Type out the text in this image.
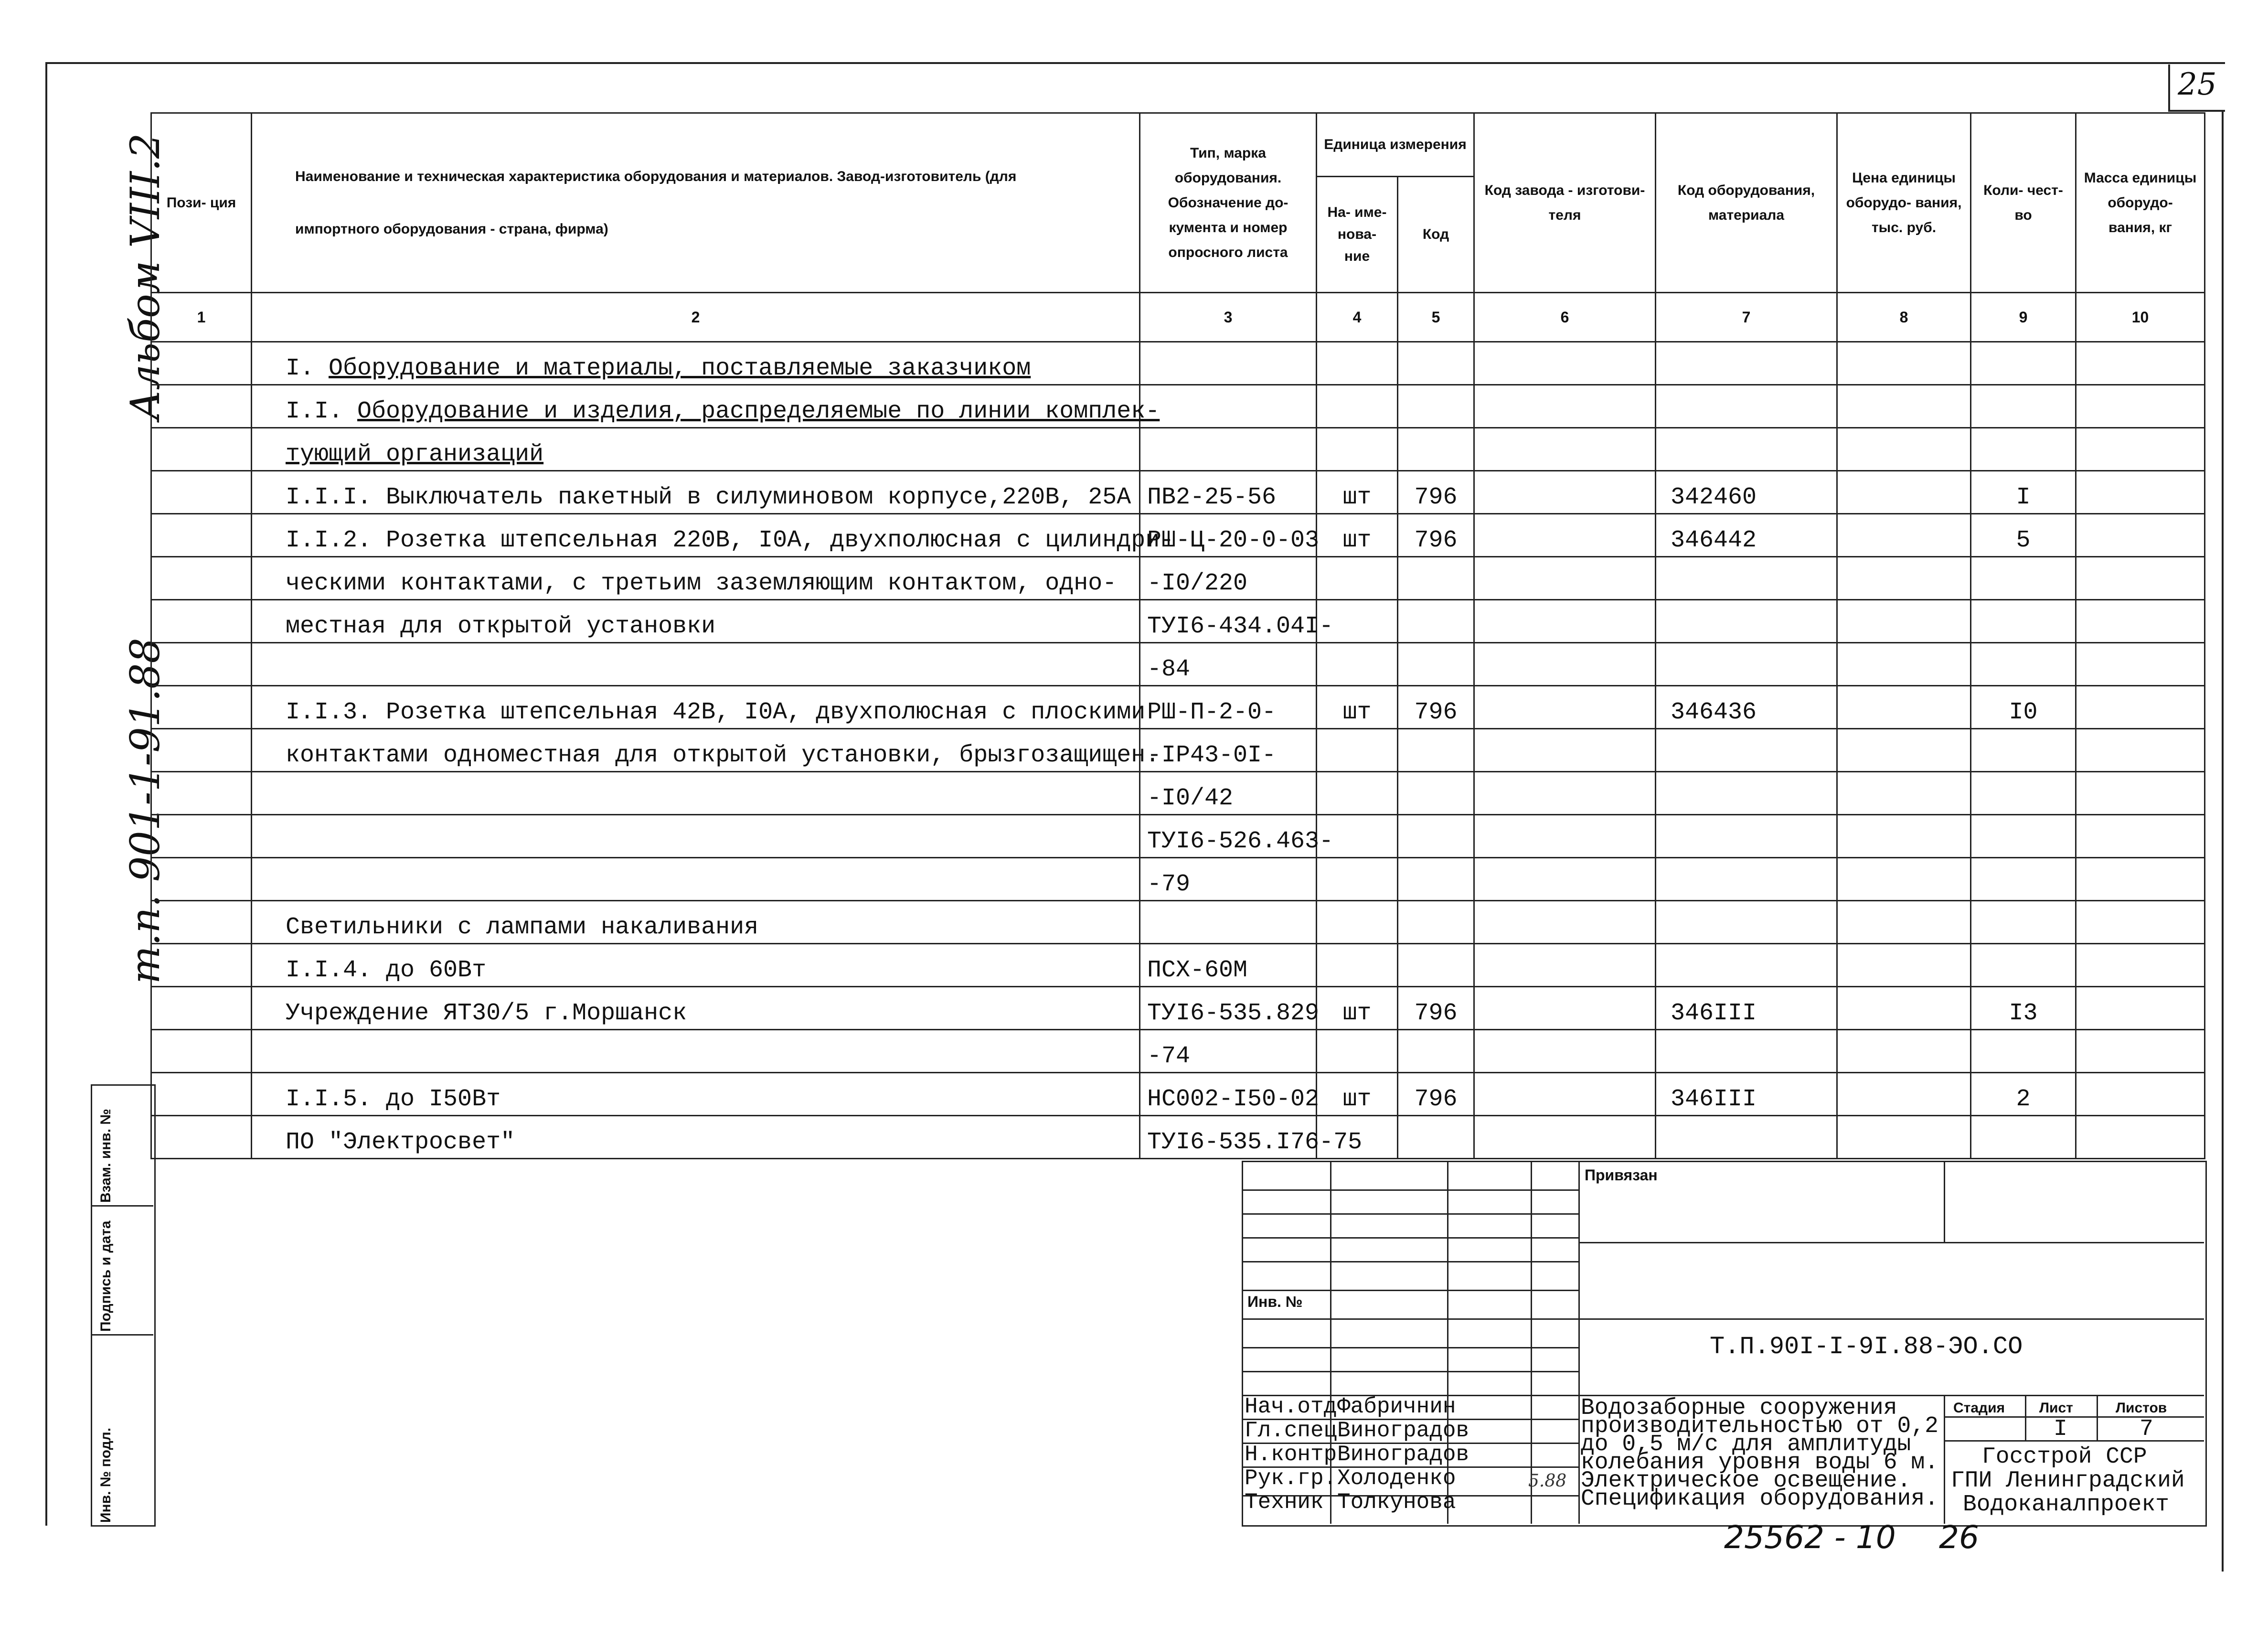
25
Альбом VIII.2
т.п. 901-1-91.88
Пози- ция	Наименование и техническая характеристика оборудования и материалов. Завод-изготовитель (для импортного оборудования - страна, фирма)	Тип, марка оборудования. Обозначение до- кумента и номер опросного листа	Единица измерения		Код завода - изготови- теля	Код оборудования, материала	Цена единицы оборудо- вания, тыс. руб.	Коли- чест- во	Масса единицы оборудо- вания, кг
			На- име- нова- ние	Код					
1	2	3	4	5	6	7	8	9	10
	I. Оборудование и материалы, поставляемые заказчиком								
	I.I. Оборудование и изделия, распределяемые по линии комплек-								
	тующий организаций								
	I.I.I. Выключатель пакетный в силуминовом корпусе,220В, 25А	ПВ2-25-56	шт	796		342460		I	
	I.I.2. Розетка штепсельная 220В, I0А, двухполюсная с цилиндри-	РШ-Ц-20-0-03	шт	796		346442		5	
	ческими контактами, с третьим заземляющим контактом, одно-	-I0/220							
	местная для открытой установки	ТУI6-434.04I-							
		-84							
	I.I.3. Розетка штепсельная 42В, I0А, двухполюсная с плоскими	РШ-П-2-0-	шт	796		346436		I0	
	контактами одноместная для открытой установки, брызгозащищен.	-IР43-0I-							
		-I0/42							
		ТУI6-526.463-							
		-79							
	Светильники с лампами накаливания								
	I.I.4. до 60Вт	ПСХ-60М							
	Учреждение ЯТ30/5 г.Моршанск	ТУI6-535.829	шт	796		346III		I3	
		-74							
	I.I.5. до I50Вт	НС002-I50-02	шт	796		346III		2	
	ПО "Электросвет"	ТУI6-535.I76-75							
Взам. инв. №
Подпись и дата
Инв. № подл.
Инв. №
Привязан
Т.П.90I-I-9I.88-ЭО.СО
Стадия Лист	Листов
I	7
Госстрой ССР
ГПИ Ленинградский
Водоканалпроект
Водозаборные сооружения
производительностью от 0,2
до 0,5 м/с для амплитуды
колебания уровня воды 6 м.
Электрическое освещение.
Спецификация оборудования.
Нач.отд Фабричнин
Гл.спец Виноградов
Н.контр Виноградов
Рук.гр. Холоденко
Техник Толкунова
5.88
25562 - 10 26
